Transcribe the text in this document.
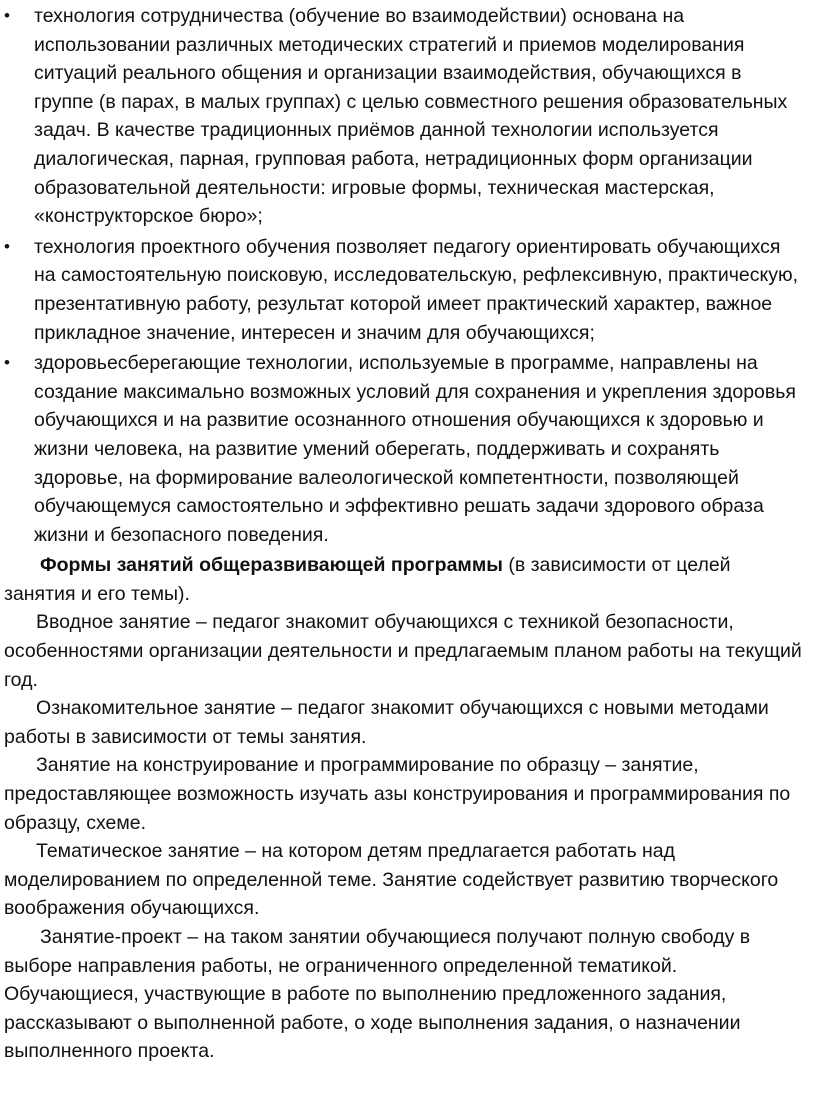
•	технология сотрудничества (обучение во взаимодействии) основана на использовании различных методических стратегий и приемов моделирования ситуаций реального общения и организации взаимодействия, обучающихся в группе (в парах, в малых группах) с целью совместного решения образовательных задач. В качестве традиционных приёмов данной технологии используется диалогическая, парная, групповая работа, нетрадиционных форм организации образовательной деятельности: игровые формы, техническая мастерская, «конструкторское бюро»;
•	технология проектного обучения позволяет педагогу ориентировать обучающихся на самостоятельную поисковую, исследовательскую, рефлексивную, практическую, презентативную работу, результат которой имеет практический характер, важное прикладное значение, интересен и значим для обучающихся;
•	здоровьесберегающие технологии, используемые в программе, направлены на создание максимально возможных условий для сохранения и укрепления здоровья обучающихся и на развитие осознанного отношения обучающихся к здоровью и жизни человека, на развитие умений оберегать, поддерживать и сохранять здоровье, на формирование валеологической компетентности, позволяющей обучающемуся самостоятельно и эффективно решать задачи здорового образа жизни и безопасного поведения.

Формы занятий общеразвивающей программы (в зависимости от целей занятия и его темы).

Вводное занятие – педагог знакомит обучающихся с техникой безопасности, особенностями организации деятельности и предлагаемым планом работы на текущий год.

Ознакомительное занятие – педагог знакомит обучающихся с новыми методами работы в зависимости от темы занятия.

Занятие на конструирование и программирование по образцу – занятие, предоставляющее возможность изучать азы конструирования и программирования по образцу, схеме.

Тематическое занятие – на котором детям предлагается работать над моделированием по определенной теме. Занятие содействует развитию творческого воображения обучающихся.

Занятие-проект – на таком занятии обучающиеся получают полную свободу в выборе направления работы, не ограниченного определенной тематикой. Обучающиеся, участвующие в работе по выполнению предложенного задания, рассказывают о выполненной работе, о ходе выполнения задания, о назначении выполненного проекта.
